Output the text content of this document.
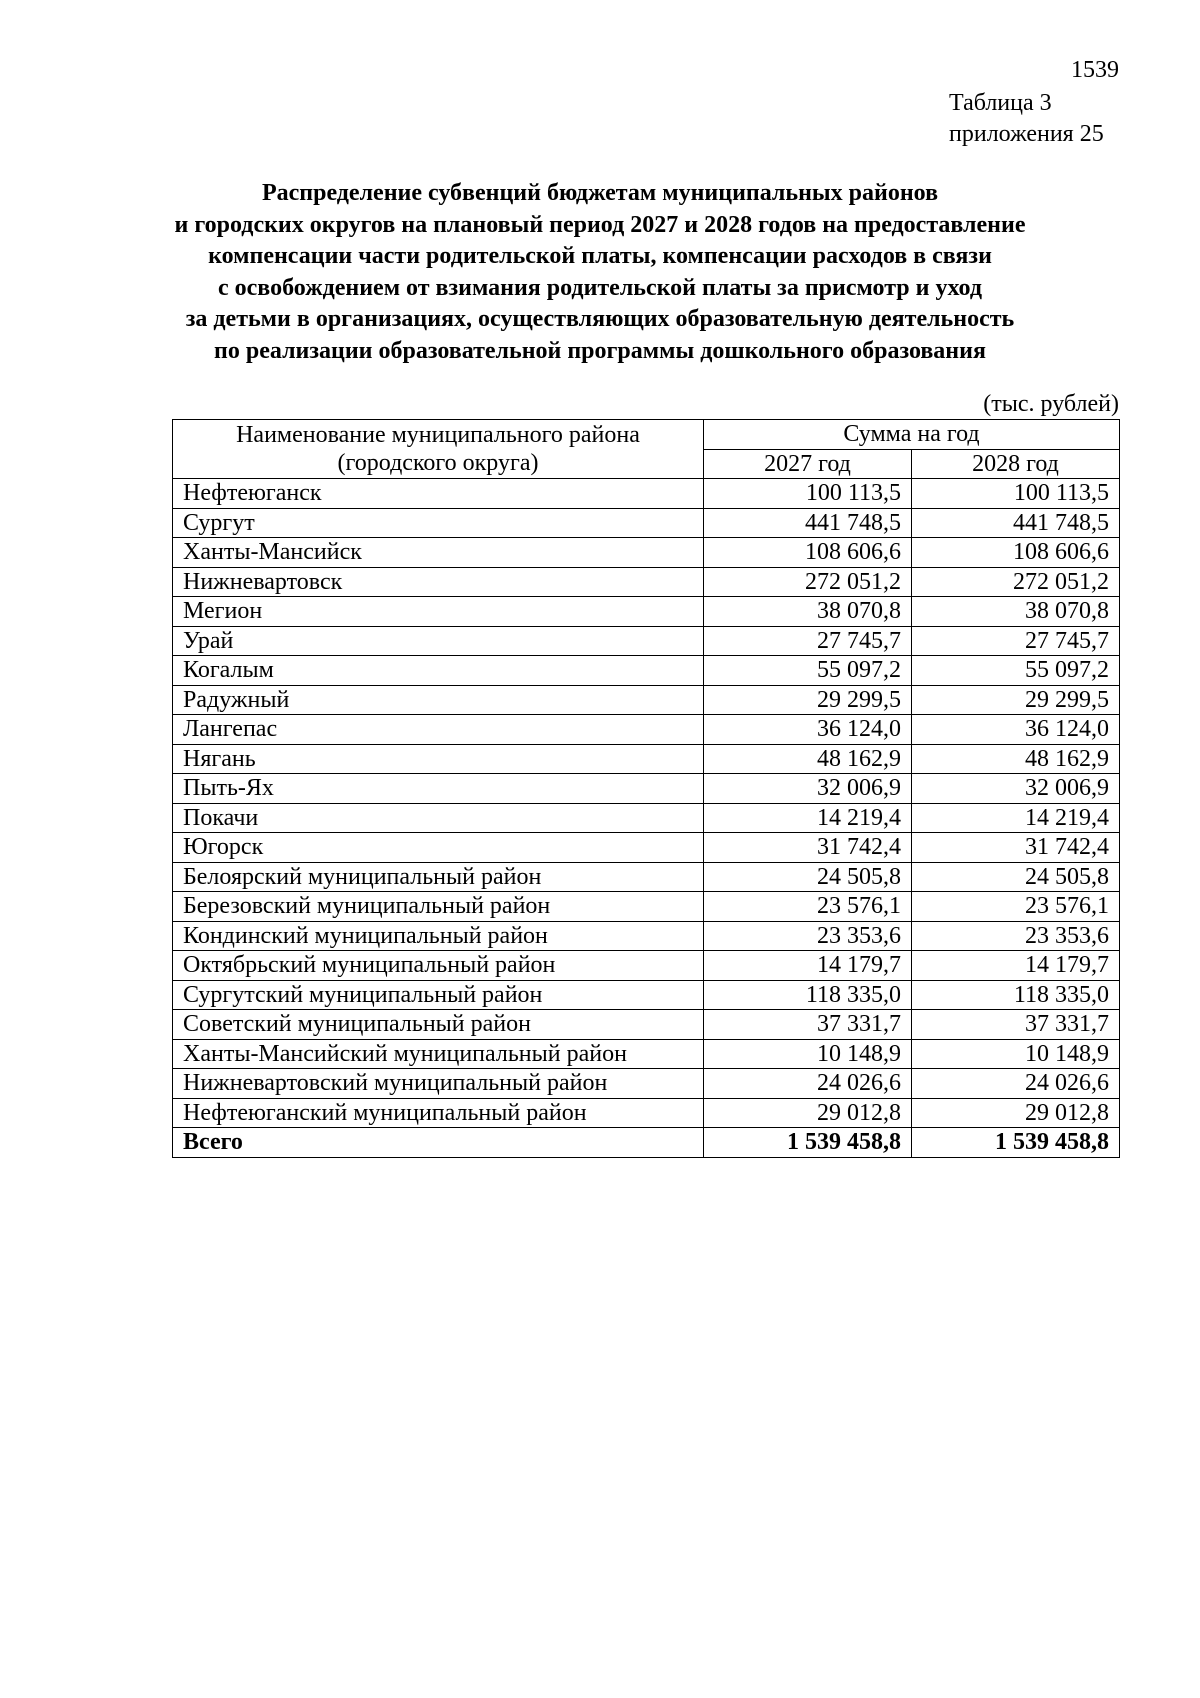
1539
Таблица 3
приложения 25
Распределение субвенций бюджетам муниципальных районов
и городских округов на плановый период 2027 и 2028 годов на предоставление
компенсации части родительской платы, компенсации расходов в связи
с освобождением от взимания родительской платы за присмотр и уход
за детьми в организациях, осуществляющих образовательную деятельность
по реализации образовательной программы дошкольного образования
(тыс. рублей)
Наименование муниципального района
(городского округа)	Сумма на год	
	2027 год	2028 год
Нефтеюганск	100 113,5	100 113,5
Сургут	441 748,5	441 748,5
Ханты-Мансийск	108 606,6	108 606,6
Нижневартовск	272 051,2	272 051,2
Мегион	38 070,8	38 070,8
Урай	27 745,7	27 745,7
Когалым	55 097,2	55 097,2
Радужный	29 299,5	29 299,5
Лангепас	36 124,0	36 124,0
Нягань	48 162,9	48 162,9
Пыть-Ях	32 006,9	32 006,9
Покачи	14 219,4	14 219,4
Югорск	31 742,4	31 742,4
Белоярский муниципальный район	24 505,8	24 505,8
Березовский муниципальный район	23 576,1	23 576,1
Кондинский муниципальный район	23 353,6	23 353,6
Октябрьский муниципальный район	14 179,7	14 179,7
Сургутский муниципальный район	118 335,0	118 335,0
Советский муниципальный район	37 331,7	37 331,7
Ханты-Мансийский муниципальный район	10 148,9	10 148,9
Нижневартовский муниципальный район	24 026,6	24 026,6
Нефтеюганский муниципальный район	29 012,8	29 012,8
Всего	1 539 458,8	1 539 458,8
